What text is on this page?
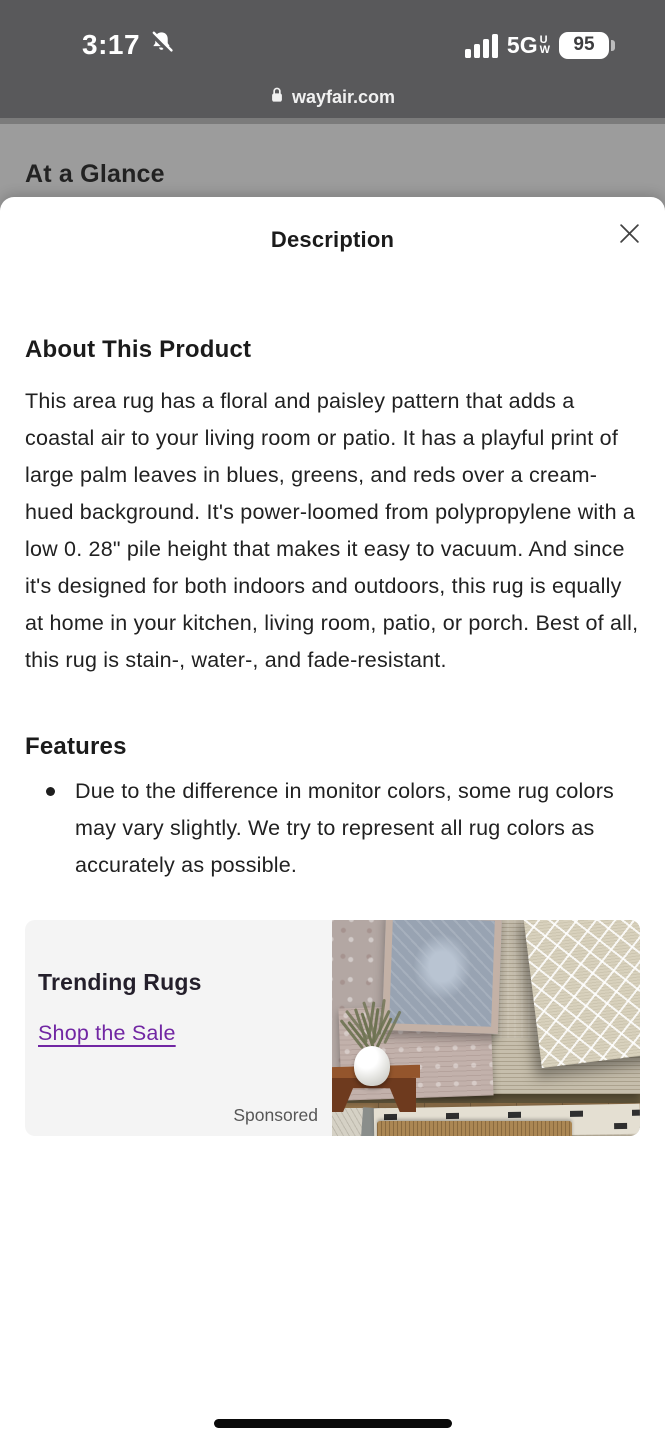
3:17	5G U
W	95
wayfair.com
At a Glance
Description
About This Product

This area rug has a floral and paisley pattern that adds a coastal air to your living room or patio. It has a playful print of large palm leaves in blues, greens, and reds over a cream-hued background. It's power-loomed from polypropylene with a low 0. 28" pile height that makes it easy to vacuum. And since it's designed for both indoors and outdoors, this rug is equally at home in your kitchen, living room, patio, or porch. Best of all, this rug is stain-, water-, and fade-resistant.

Features
Due to the difference in monitor colors, some rug colors may vary slightly. We try to represent all rug colors as accurately as possible.
Trending Rugs
Shop the Sale
Sponsored
